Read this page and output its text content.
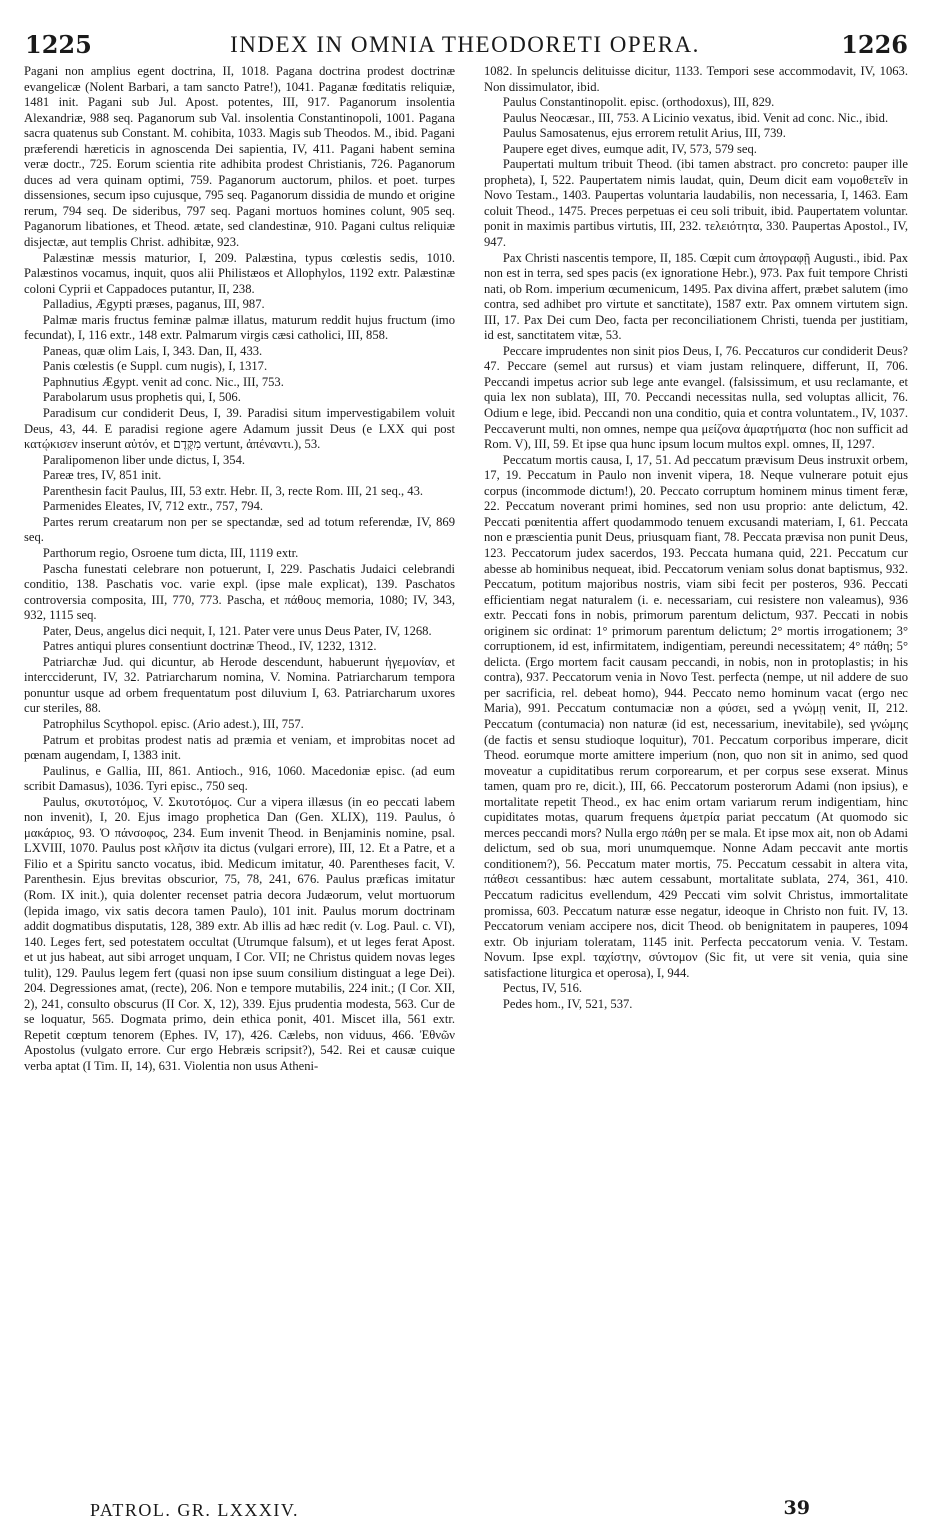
1225	INDEX IN OMNIA THEODORETI OPERA.	1226

Pagani non amplius egent doctrina, II, 1018. Pagana doctrina prodest doctrinæ evangelicæ (Nolent Barbari, a tam sancto Patre!), 1041. Paganæ fœditatis reliquiæ, 1481 init. Pagani sub Jul. Apost. potentes, III, 917. Paganorum insolentia Alexandriæ, 988 seq. Paganorum sub Val. insolentia Constantinopoli, 1001. Pagana sacra quatenus sub Constant. M. cohibita, 1033. Magis sub Theodos. M., ibid. Pagani præferendi hæreticis in agnoscenda Dei sapientia, IV, 411. Pagani habent semina veræ doctr., 725. Eorum scientia rite adhibita prodest Christianis, 726. Paganorum duces ad vera quinam optimi, 759. Paganorum auctorum, philos. et poet. turpes dissensiones, secum ipso cujusque, 795 seq. Paganorum dissidia de mundo et origine rerum, 794 seq. De sideribus, 797 seq. Pagani mortuos homines colunt, 905 seq. Paganorum libationes, et Theod. ætate, sed clandestinæ, 910. Pagani cultus reliquiæ disjectæ, aut templis Christ. adhibitæ, 923.

Palæstinæ messis maturior, I, 209. Palæstina, typus cœlestis sedis, 1010. Palæstinos vocamus, inquit, quos alii Philistæos et Allophylos, 1192 extr. Palæstinæ coloni Cyprii et Cappadoces putantur, II, 238.

Palladius, Ægypti præses, paganus, III, 987.

Palmæ maris fructus feminæ palmæ illatus, maturum reddit hujus fructum (imo fecundat), I, 116 extr., 148 extr. Palmarum virgis cæsi catholici, III, 858.

Paneas, quæ olim Lais, I, 343. Dan, II, 433.

Panis cœlestis (e Suppl. cum nugis), I, 1317.

Paphnutius Ægypt. venit ad conc. Nic., III, 753.

Parabolarum usus prophetis qui, I, 506.

Paradisum cur condiderit Deus, I, 39. Paradisi situm impervestigabilem voluit Deus, 43, 44. E paradisi regione agere Adamum jussit Deus (e LXX qui post κατῴκισεν inserunt αὐτόν, et מִקֶּדֶם vertunt, ἀπέναντι.), 53.

Paralipomenon liber unde dictus, I, 354.

Pareæ tres, IV, 851 init.

Parenthesin facit Paulus, III, 53 extr. Hebr. II, 3, recte Rom. III, 21 seq., 43.

Parmenides Eleates, IV, 712 extr., 757, 794.

Partes rerum creatarum non per se spectandæ, sed ad totum referendæ, IV, 869 seq.

Parthorum regio, Osroene tum dicta, III, 1119 extr.

Pascha funestati celebrare non potuerunt, I, 229. Paschatis Judaici celebrandi conditio, 138. Paschatis voc. varie expl. (ipse male explicat), 139. Paschatos controversia composita, III, 770, 773. Pascha, et πάθους memoria, 1080; IV, 343, 932, 1115 seq.

Pater, Deus, angelus dici nequit, I, 121. Pater vere unus Deus Pater, IV, 1268.

Patres antiqui plures consentiunt doctrinæ Theod., IV, 1232, 1312.

Patriarchæ Jud. qui dicuntur, ab Herode descendunt, habuerunt ἡγεμονίαν, et intercciderunt, IV, 32. Patriarcharum nomina, V. Nomina. Patriarcharum tempora ponuntur usque ad orbem frequentatum post diluvium I, 63. Patriarcharum uxores cur steriles, 88.

Patrophilus Scythopol. episc. (Ario adest.), III, 757.

Patrum et probitas prodest natis ad præmia et veniam, et improbitas nocet ad pœnam augendam, I, 1383 init.

Paulinus, e Gallia, III, 861. Antioch., 916, 1060. Macedoniæ episc. (ad eum scribit Damasus), 1036. Tyri episc., 750 seq.

Paulus, σκυτοτόμος, V. Σκυτοτόμος. Cur a vipera illæsus (in eo peccati labem non invenit), I, 20. Ejus imago prophetica Dan (Gen. XLIX), 119. Paulus, ὁ μακάριος, 93. Ὁ πάνσοφος, 234. Eum invenit Theod. in Benjaminis nomine, psal. LXVIII, 1070. Paulus post κλῆσιν ita dictus (vulgari errore), III, 12. Et a Patre, et a Filio et a Spiritu sancto vocatus, ibid. Medicum imitatur, 40. Parentheses facit, V. Parenthesin. Ejus brevitas obscurior, 75, 78, 241, 676. Paulus præficas imitatur (Rom. IX init.), quia dolenter recenset patria decora Judæorum, velut mortuorum (lepida imago, vix satis decora tamen Paulo), 101 init. Paulus morum doctrinam addit dogmatibus disputatis, 128, 389 extr. Ab illis ad hæc redit (v. Log. Paul. c. VI), 140. Leges fert, sed potestatem occultat (Utrumque falsum), et ut leges ferat Apost. et ut jus habeat, aut sibi arroget unquam, I Cor. VII; ne Christus quidem novas leges tulit), 129. Paulus legem fert (quasi non ipse suum consilium distinguat a lege Dei). 204. Degressiones amat, (recte), 206. Non e tempore mutabilis, 224 init.; (I Cor. XII, 2), 241, consulto obscurus (II Cor. X, 12), 339. Ejus prudentia modesta, 563. Cur de se loquatur, 565. Dogmata primo, dein ethica ponit, 401. Miscet illa, 561 extr. Repetit cœptum tenorem (Ephes. IV, 17), 426. Cælebs, non viduus, 466. Ἐθνῶν Apostolus (vulgato errore. Cur ergo Hebræis scripsit?), 542. Rei et causæ cuique verba aptat (I Tim. II, 14), 631. Violentia non usus Atheni-

1082. In speluncis delituisse dicitur, 1133. Tempori sese accommodavit, IV, 1063. Non dissimulator, ibid.

Paulus Constantinopolit. episc. (orthodoxus), III, 829.

Paulus Neocæsar., III, 753. A Licinio vexatus, ibid. Venit ad conc. Nic., ibid.

Paulus Samosatenus, ejus errorem retulit Arius, III, 739.

Paupere eget dives, eumque adit, IV, 573, 579 seq.

Paupertati multum tribuit Theod. (ibi tamen abstract. pro concreto: pauper ille propheta), I, 522. Paupertatem nimis laudat, quin, Deum dicit eam νομοθετεῖν in Novo Testam., 1403. Paupertas voluntaria laudabilis, non necessaria, I, 1463. Eam coluit Theod., 1475. Preces perpetuas ei ceu soli tribuit, ibid. Paupertatem voluntar. ponit in maximis partibus virtutis, III, 232. τελειότητα, 330. Paupertas Apostol., IV, 947.

Pax Christi nascentis tempore, II, 185. Cœpit cum ἀπογραφῇ Augusti., ibid. Pax non est in terra, sed spes pacis (ex ignoratione Hebr.), 973. Pax fuit tempore Christi nati, ob Rom. imperium œcumenicum, 1495. Pax divina affert, præbet salutem (imo contra, sed adhibet pro virtute et sanctitate), 1587 extr. Pax omnem virtutem sign. III, 17. Pax Dei cum Deo, facta per reconciliationem Christi, tuenda per justitiam, id est, sanctitatem vitæ, 53.

Peccare imprudentes non sinit pios Deus, I, 76. Peccaturos cur condiderit Deus? 47. Peccare (semel aut rursus) et viam justam relinquere, differunt, II, 706. Peccandi impetus acrior sub lege ante evangel. (falsissimum, et usu reclamante, et quia lex non sublata), III, 70. Peccandi necessitas nulla, sed voluptas allicit, 76. Odium e lege, ibid. Peccandi non una conditio, quia et contra voluntatem., IV, 1037. Peccaverunt multi, non omnes, nempe qua μείζονα ἁμαρτήματα (hoc non sufficit ad Rom. V), III, 59. Et ipse qua hunc ipsum locum multos expl. omnes, II, 1297.

Peccatum mortis causa, I, 17, 51. Ad peccatum prævisum Deus instruxit orbem, 17, 19. Peccatum in Paulo non invenit vipera, 18. Neque vulnerare potuit ejus corpus (incommode dictum!), 20. Peccato corruptum hominem minus timent feræ, 22. Peccatum noverant primi homines, sed non usu proprio: ante delictum, 42. Peccati pœnitentia affert quodammodo tenuem excusandi materiam, I, 61. Peccata non e præscientia punit Deus, priusquam fiant, 78. Peccata prævisa non punit Deus, 123. Peccatorum judex sacerdos, 193. Peccata humana quid, 221. Peccatum cur abesse ab hominibus nequeat, ibid. Peccatorum veniam solus donat baptismus, 932. Peccatum, potitum majoribus nostris, viam sibi fecit per posteros, 936. Peccati efficientiam negat naturalem (i. e. necessariam, cui resistere non valeamus), 936 extr. Peccati fons in nobis, primorum parentum delictum, 937. Peccati in nobis originem sic ordinat: 1° primorum parentum delictum; 2° mortis irrogationem; 3° corruptionem, id est, infirmitatem, indigentiam, pereundi necessitatem; 4° πάθη; 5° delicta. (Ergo mortem facit causam peccandi, in nobis, non in protoplastis; in his contra), 937. Peccatorum venia in Novo Test. perfecta (nempe, ut nil addere de suo per sacrificia, rel. debeat homo), 944. Peccato nemo hominum vacat (ergo nec Maria), 991. Peccatum contumaciæ non a φύσει, sed a γνώμῃ venit, II, 212. Peccatum (contumacia) non naturæ (id est, necessarium, inevitabile), sed γνώμης (de factis et sensu studioque loquitur), 701. Peccatum corporibus imperare, dicit Theod. eorumque morte amittere imperium (non, quo non sit in animo, sed quod moveatur a cupiditatibus rerum corporearum, et per corpus sese exserat. Minus tamen, quam pro re, dicit.), III, 66. Peccatorum posterorum Adami (non ipsius), e mortalitate repetit Theod., ex hac enim ortam variarum rerum indigentiam, hinc cupiditates motas, quarum frequens ἀμετρία pariat peccatum (At quomodo sic merces peccandi mors? Nulla ergo πάθη per se mala. Et ipse mox ait, non ob Adami delictum, sed ob sua, mori unumquemque. Nonne Adam peccavit ante mortis conditionem?), 56. Peccatum mater mortis, 75. Peccatum cessabit in altera vita, πάθεσι cessantibus: hæc autem cessabunt, mortalitate sublata, 274, 361, 410. Peccatum radicitus evellendum, 429 Peccati vim solvit Christus, immortalitate promissa, 603. Peccatum naturæ esse negatur, ideoque in Christo non fuit. IV, 13. Peccatorum veniam accipere nos, dicit Theod. ob benignitatem in pauperes, 1094 extr. Ob injuriam toleratam, 1145 init. Perfecta peccatorum venia. V. Testam. Novum. Ipse expl. ταχίστην, σύντομον (Sic fit, ut vere sit venia, quia sine satisfactione liturgica et operosa), I, 944.

Pectus, IV, 516.

Pedes hom., IV, 521, 537.

PATROL. GR. LXXXIV.	39
